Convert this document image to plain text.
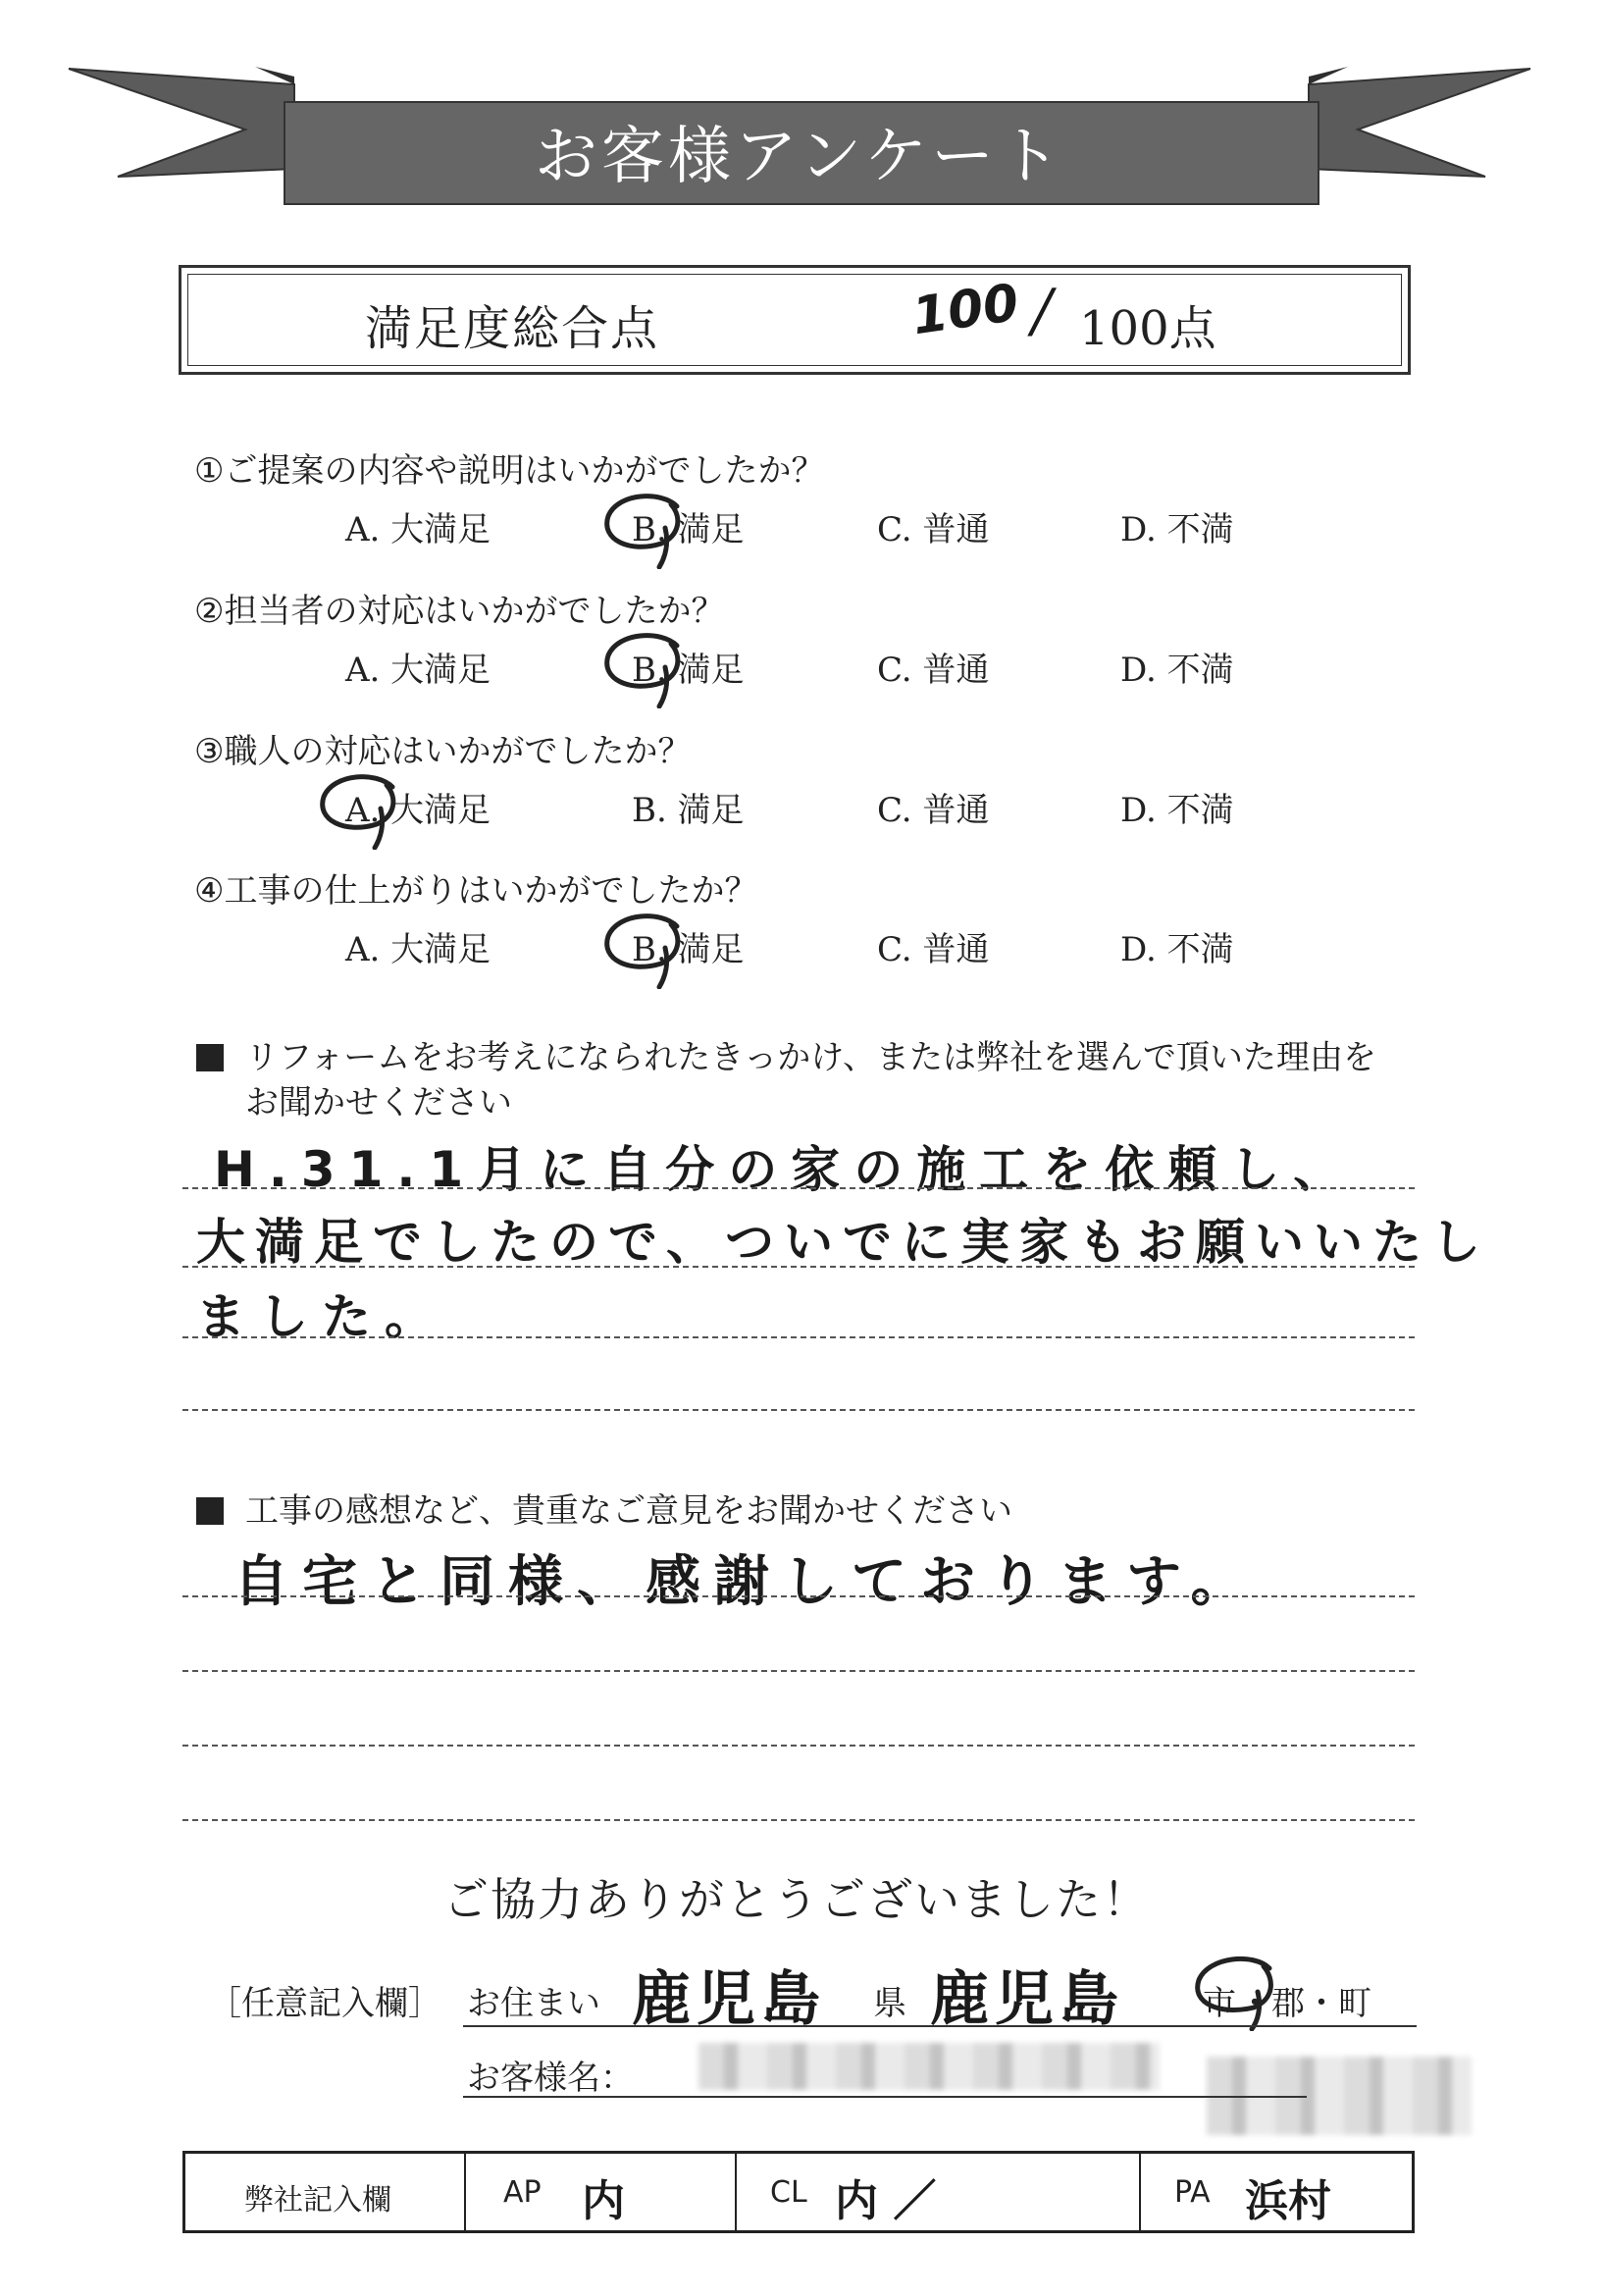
お客様アンケート
満足度総合点	100 / 100点
①ご提案の内容や説明はいかがでしたか？
A. 大満足	B. 満足	C. 普通	D. 不満
②担当者の対応はいかがでしたか？
A. 大満足	B. 満足	C. 普通	D. 不満
③職人の対応はいかがでしたか？
A. 大満足	B. 満足	C. 普通	D. 不満
④工事の仕上がりはいかがでしたか？
A. 大満足	B. 満足	C. 普通	D. 不満
リフォームをお考えになられたきっかけ、または弊社を選んで頂いた理由を
お聞かせください
H.31.1月に自分の家の施工を依頼し、
大満足でしたので、ついでに実家もお願いいたし
ました。
工事の感想など、貴重なご意見をお聞かせください
自宅と同様、感謝しております。
ご協力ありがとうございました！
［任意記入欄］ お住まい 鹿児島 県 鹿児島 市 ・郡・町
お客様名：
弊社記入欄	AP 内	CL 内 ／	PA 浜村
